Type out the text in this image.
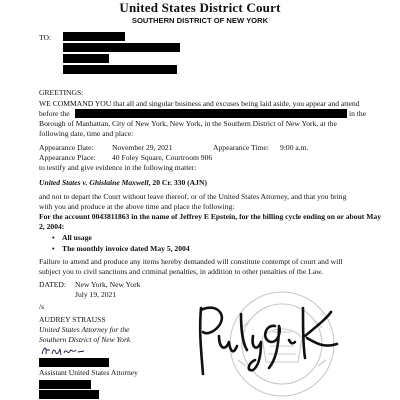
United States District Court
SOUTHERN DISTRICT OF NEW YORK
TO:
GREETINGS:
WE COMMAND YOU that all and singular business and excuses being laid aside, you appear and attend
before the	in the
Borough of Manhattan, City of New York, New York, in the Southern District of New York, at the
following date, time and place:
Appearance Date: November 29, 2021	Appearance Time: 9:00 a.m.
Appearance Place: 40 Foley Square, Courtroom 906
to testify and give evidence in the following matter:
United States v. Ghislaine Maxwell, 20 Cr. 330 (AJN)
and not to depart the Court without leave thereof, or of the United States Attorney, and that you bring
with you and produce at the above time and place the following:
For the account 0043811863 in the name of Jeffrey E Epstein, for the billing cycle ending on or about May
2, 2004:
• All usage
• The monthly invoice dated May 5, 2004
Failure to attend and produce any items hereby demanded will constitute contempt of court and will
subject you to civil sanctions and criminal penalties, in addition to other penalties of the Law.
DATED: New York, New York
July 19, 2021
/s
AUDREY STRAUSS
United States Attorney for the
Southern District of New York
Assistant United States Attorney
